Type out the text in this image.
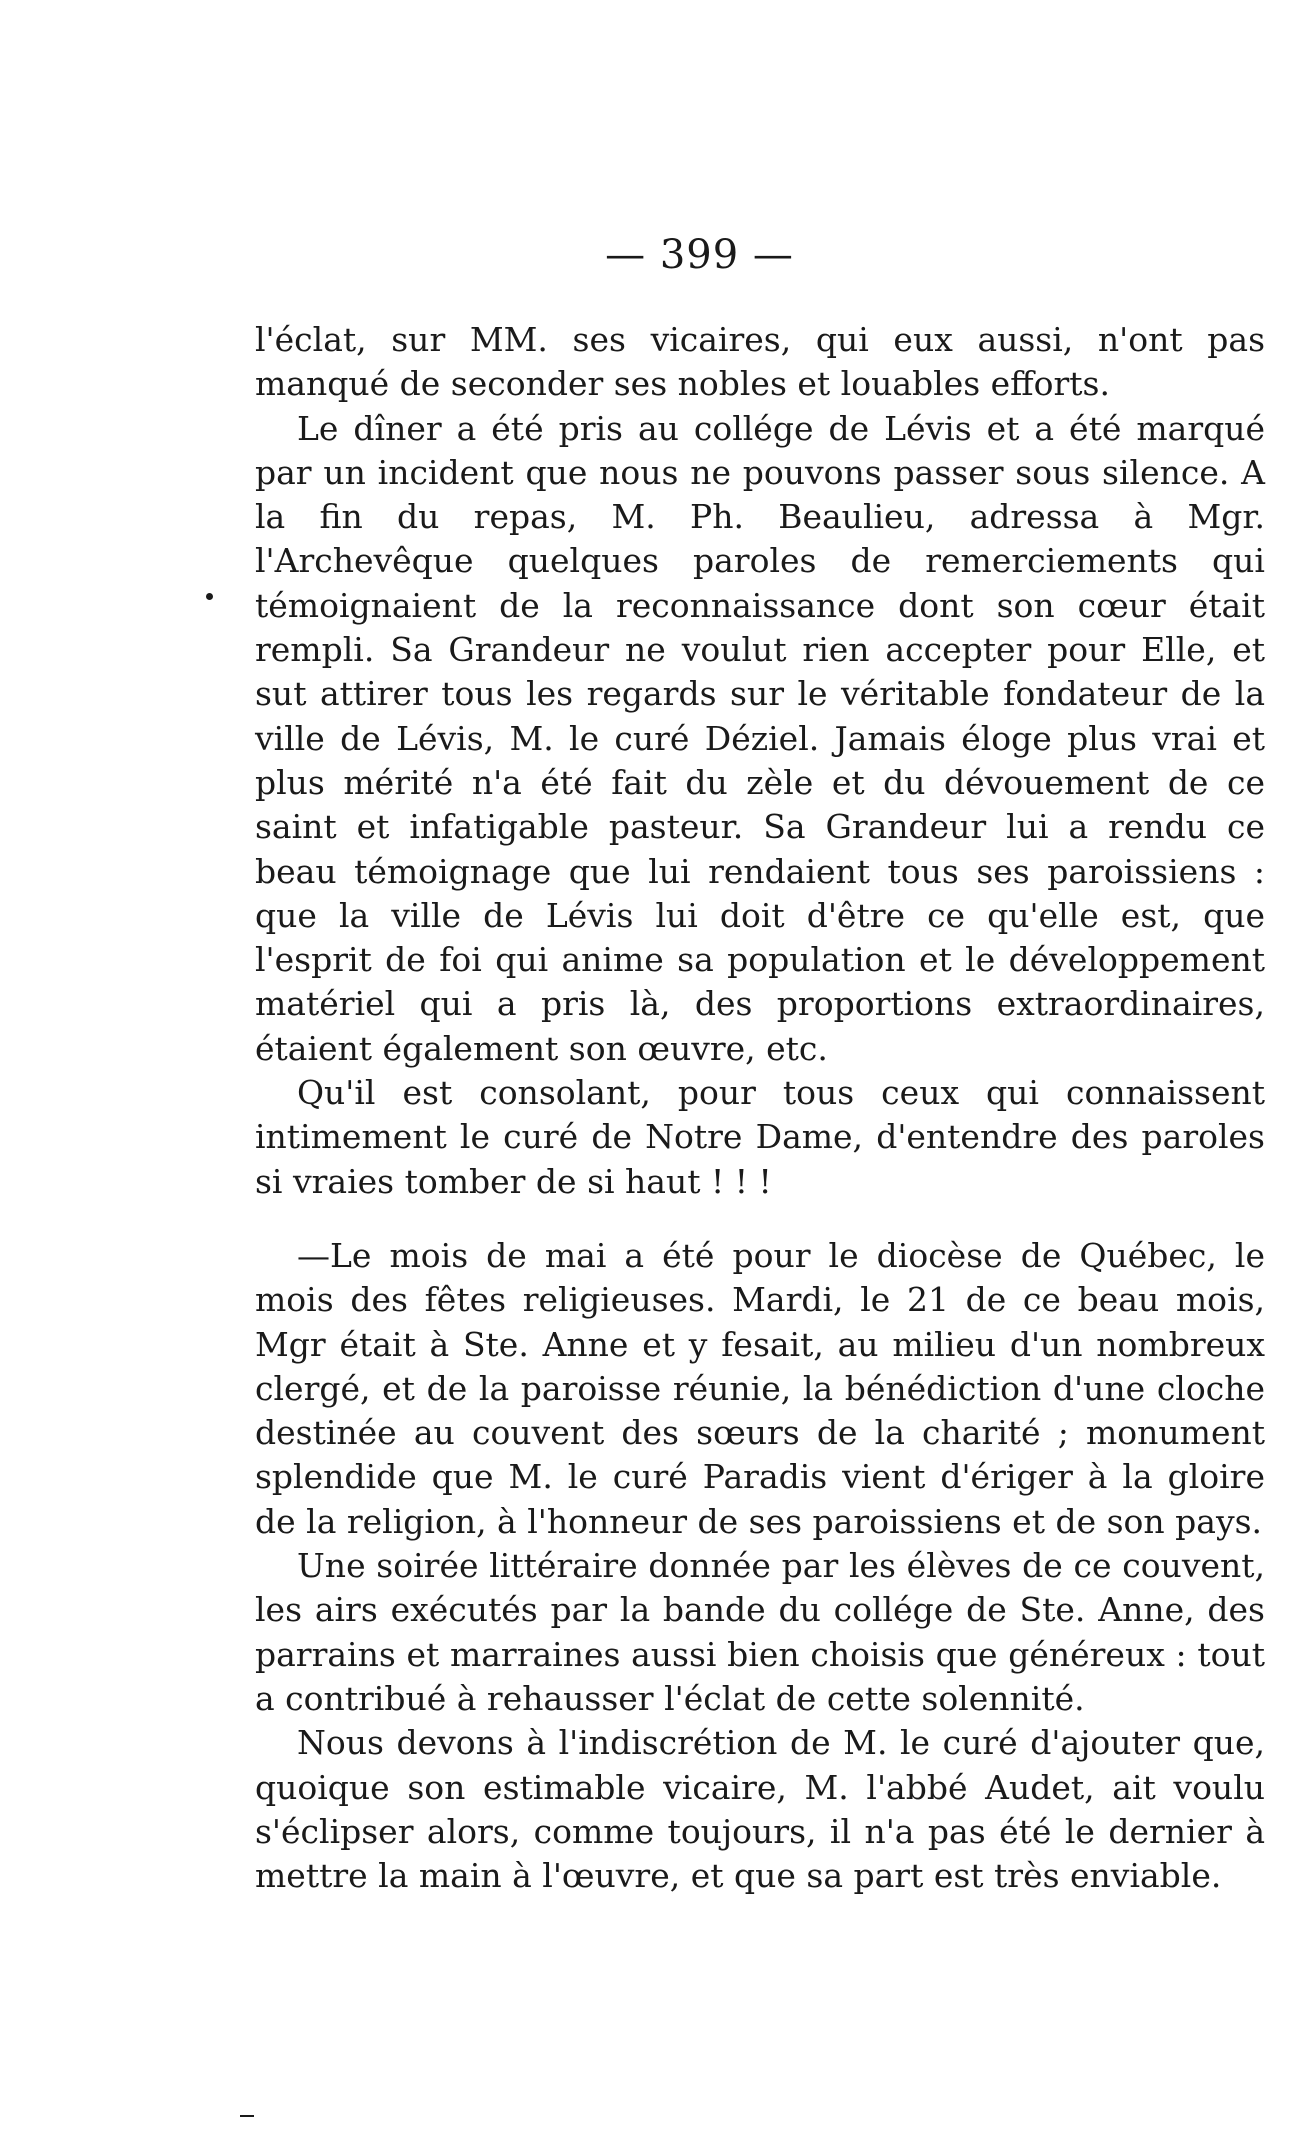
— 399 —

l'éclat, sur MM. ses vicaires, qui eux aussi, n'ont pas manqué de seconder ses nobles et louables efforts.

Le dîner a été pris au collége de Lévis et a été marqué par un incident que nous ne pouvons passer sous silence. A la fin du repas, M. Ph. Beaulieu, adressa à Mgr. l'Archevêque quelques paroles de remerciements qui témoignaient de la reconnaissance dont son cœur était rempli. Sa Grandeur ne voulut rien accepter pour Elle, et sut attirer tous les regards sur le véritable fondateur de la ville de Lévis, M. le curé Déziel. Jamais éloge plus vrai et plus mérité n'a été fait du zèle et du dévouement de ce saint et infatigable pasteur. Sa Grandeur lui a rendu ce beau témoignage que lui rendaient tous ses paroissiens : que la ville de Lévis lui doit d'être ce qu'elle est, que l'esprit de foi qui anime sa population et le développement matériel qui a pris là, des proportions extraordinaires, étaient également son œuvre, etc.

Qu'il est consolant, pour tous ceux qui connaissent intimement le curé de Notre Dame, d'entendre des paroles si vraies tomber de si haut ! ! !

—Le mois de mai a été pour le diocèse de Québec, le mois des fêtes religieuses. Mardi, le 21 de ce beau mois, Mgr était à Ste. Anne et y fesait, au milieu d'un nombreux clergé, et de la paroisse réunie, la bénédiction d'une cloche destinée au couvent des sœurs de la charité ; monument splendide que M. le curé Paradis vient d'ériger à la gloire de la religion, à l'honneur de ses paroissiens et de son pays.

Une soirée littéraire donnée par les élèves de ce couvent, les airs exécutés par la bande du collége de Ste. Anne, des parrains et marraines aussi bien choisis que généreux : tout a contribué à rehausser l'éclat de cette solennité.

Nous devons à l'indiscrétion de M. le curé d'ajouter que, quoique son estimable vicaire, M. l'abbé Audet, ait voulu s'éclipser alors, comme toujours, il n'a pas été le dernier à mettre la main à l'œuvre, et que sa part est très enviable.
